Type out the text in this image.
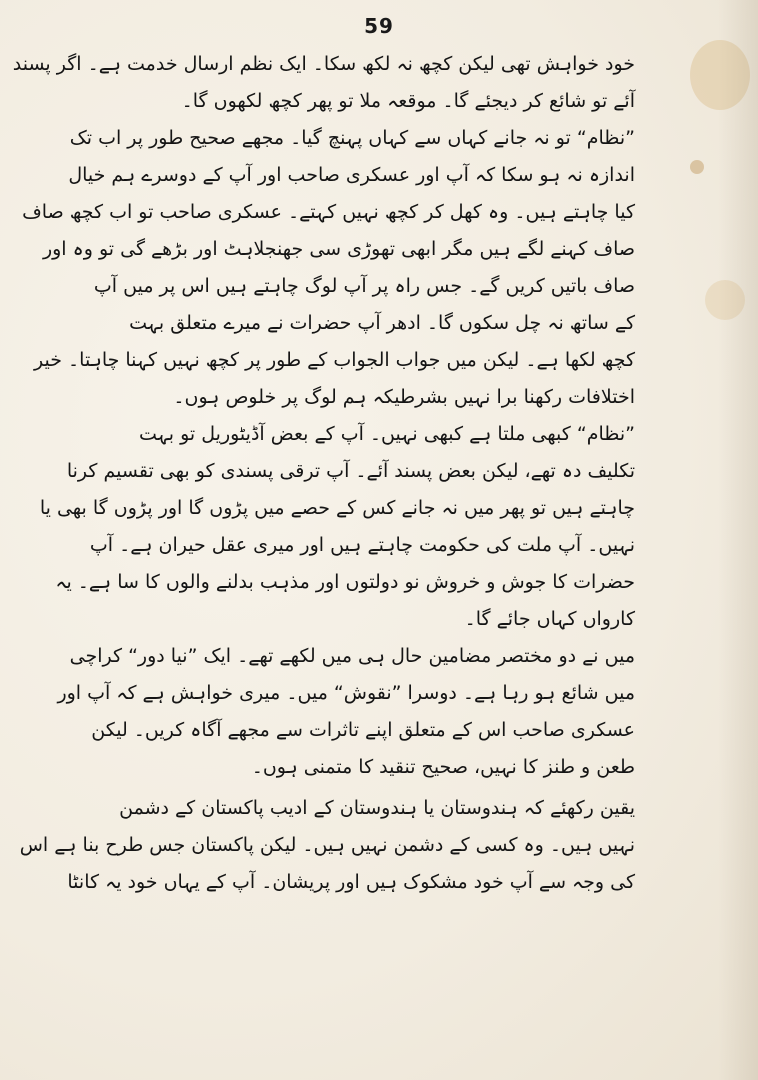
59
خود خواہش تھی لیکن کچھ نہ لکھ سکا۔ ایک نظم ارسال خدمت ہے۔ اگر پسند
آئے تو شائع کر دیجئے گا۔ موقعہ ملا تو پھر کچھ لکھوں گا۔
”نظام“ تو نہ جانے کہاں سے کہاں پہنچ گیا۔ مجھے صحیح طور پر اب تک
اندازہ نہ ہو سکا کہ آپ اور عسکری صاحب اور آپ کے دوسرے ہم خیال
کیا چاہتے ہیں۔ وہ کھل کر کچھ نہیں کہتے۔ عسکری صاحب تو اب کچھ صاف
صاف کہنے لگے ہیں مگر ابھی تھوڑی سی جھنجلاہٹ اور بڑھے گی تو وہ اور
صاف باتیں کریں گے۔ جس راہ پر آپ لوگ چاہتے ہیں اس پر میں آپ
کے ساتھ نہ چل سکوں گا۔ ادھر آپ حضرات نے میرے متعلق بہت
کچھ لکھا ہے۔ لیکن میں جواب الجواب کے طور پر کچھ نہیں کہنا چاہتا۔ خیر
اختلافات رکھنا برا نہیں بشرطیکہ ہم لوگ پر خلوص ہوں۔
”نظام“ کبھی ملتا ہے کبھی نہیں۔ آپ کے بعض آڈیٹوریل تو بہت
تکلیف دہ تھے، لیکن بعض پسند آئے۔ آپ ترقی پسندی کو بھی تقسیم کرنا
چاہتے ہیں تو پھر میں نہ جانے کس کے حصے میں پڑوں گا اور پڑوں گا بھی یا
نہیں۔ آپ ملت کی حکومت چاہتے ہیں اور میری عقل حیران ہے۔ آپ
حضرات کا جوش و خروش نو دولتوں اور مذہب بدلنے والوں کا سا ہے۔ یہ
کارواں کہاں جائے گا۔
میں نے دو مختصر مضامین حال ہی میں لکھے تھے۔ ایک ”نیا دور“ کراچی
میں شائع ہو رہا ہے۔ دوسرا ”نقوش“ میں۔ میری خواہش ہے کہ آپ اور
عسکری صاحب اس کے متعلق اپنے تاثرات سے مجھے آگاہ کریں۔ لیکن
طعن و طنز کا نہیں، صحیح تنقید کا متمنی ہوں۔
یقین رکھئے کہ ہندوستان یا ہندوستان کے ادیب پاکستان کے دشمن
نہیں ہیں۔ وہ کسی کے دشمن نہیں ہیں۔ لیکن پاکستان جس طرح بنا ہے اس
کی وجہ سے آپ خود مشکوک ہیں اور پریشان۔ آپ کے یہاں خود یہ کانٹا
